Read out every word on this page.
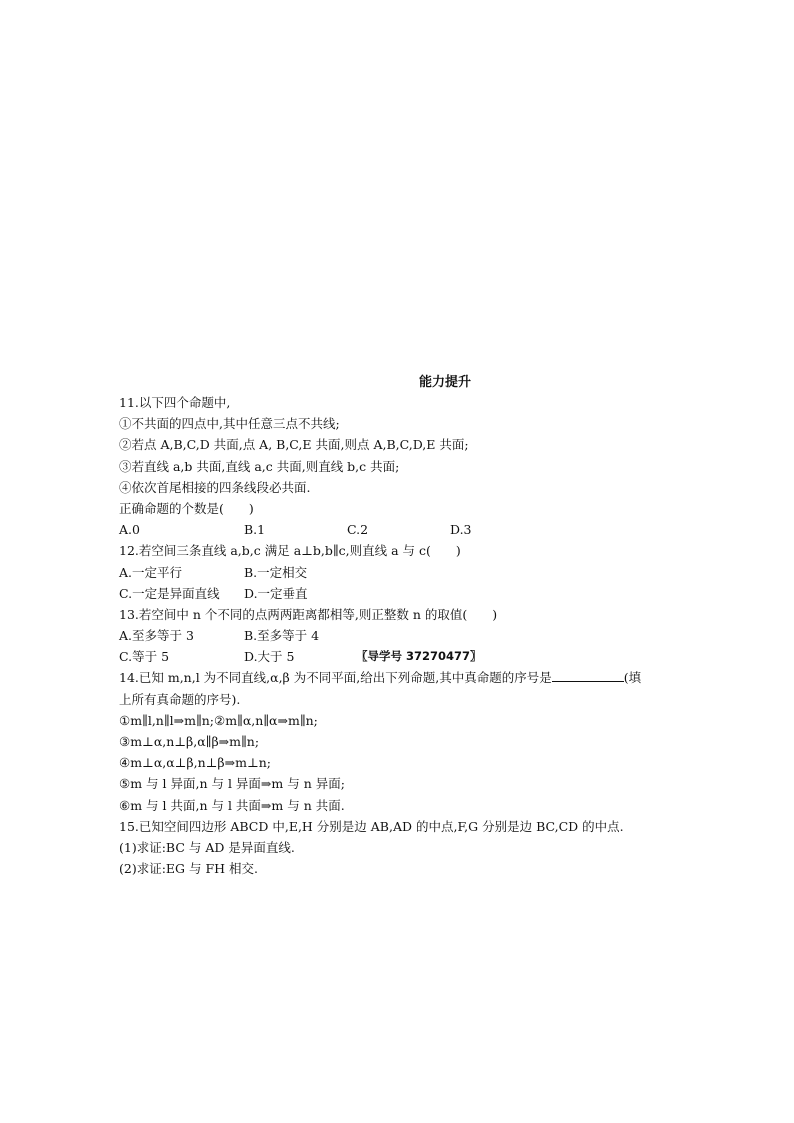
能力提升
11.以下四个命题中,
①不共面的四点中,其中任意三点不共线;
②若点 A,B,C,D 共面,点 A, B,C,E 共面,则点 A,B,C,D,E 共面;
③若直线 a,b 共面,直线 a,c 共面,则直线 b,c 共面;
④依次首尾相接的四条线段必共面.
正确命题的个数是(　　)
A.0	B.1	C.2	D.3
12.若空间三条直线 a,b,c 满足 a⊥b,b∥c,则直线 a 与 c(　　)
A.一定平行	B.一定相交
C.一定是异面直线	D.一定垂直
13.若空间中 n 个不同的点两两距离都相等,则正整数 n 的取值(　　)
A.至多等于 3	B.至多等于 4
C.等于 5	D.大于 5	〖导学号 37270477〗
14.已知 m,n,l 为不同直线,α,β 为不同平面,给出下列命题,其中真命题的序号是	(填
上所有真命题的序号).
①m∥l,n∥l⇒m∥n;②m∥α,n∥α⇒m∥n;
③m⊥α,n⊥β,α∥β⇒m∥n;
④m⊥α,α⊥β,n⊥β⇒m⊥n;
⑤m 与 l 异面,n 与 l 异面⇒m 与 n 异面;
⑥m 与 l 共面,n 与 l 共面⇒m 与 n 共面.
15.已知空间四边形 ABCD 中,E,H 分别是边 AB,AD 的中点,F,G 分别是边 BC,CD 的中点.
(1)求证:BC 与 AD 是异面直线.
(2)求证:EG 与 FH 相交.
